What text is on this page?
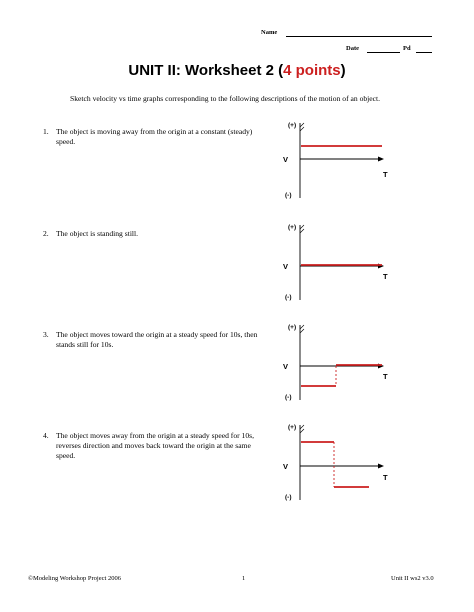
Name
Date	Pd
UNIT II: Worksheet 2 (4 points)
Sketch velocity vs time graphs corresponding to the following descriptions of the motion of an object.
1. The object is moving away from the origin at a constant (steady) speed.
(+)
V
T
(-)
2. The object is standing still.
(+)
V
T
(-)
3. The object moves toward the origin at a steady speed for 10s, then stands still for 10s.
(+)
V
T
(-)
4. The object moves away from the origin at a steady speed for 10s, reverses direction and moves back toward the origin at the same speed.
(+)
V
T
(-)
©Modeling Workshop Project 2006	1	Unit II ws2 v3.0
